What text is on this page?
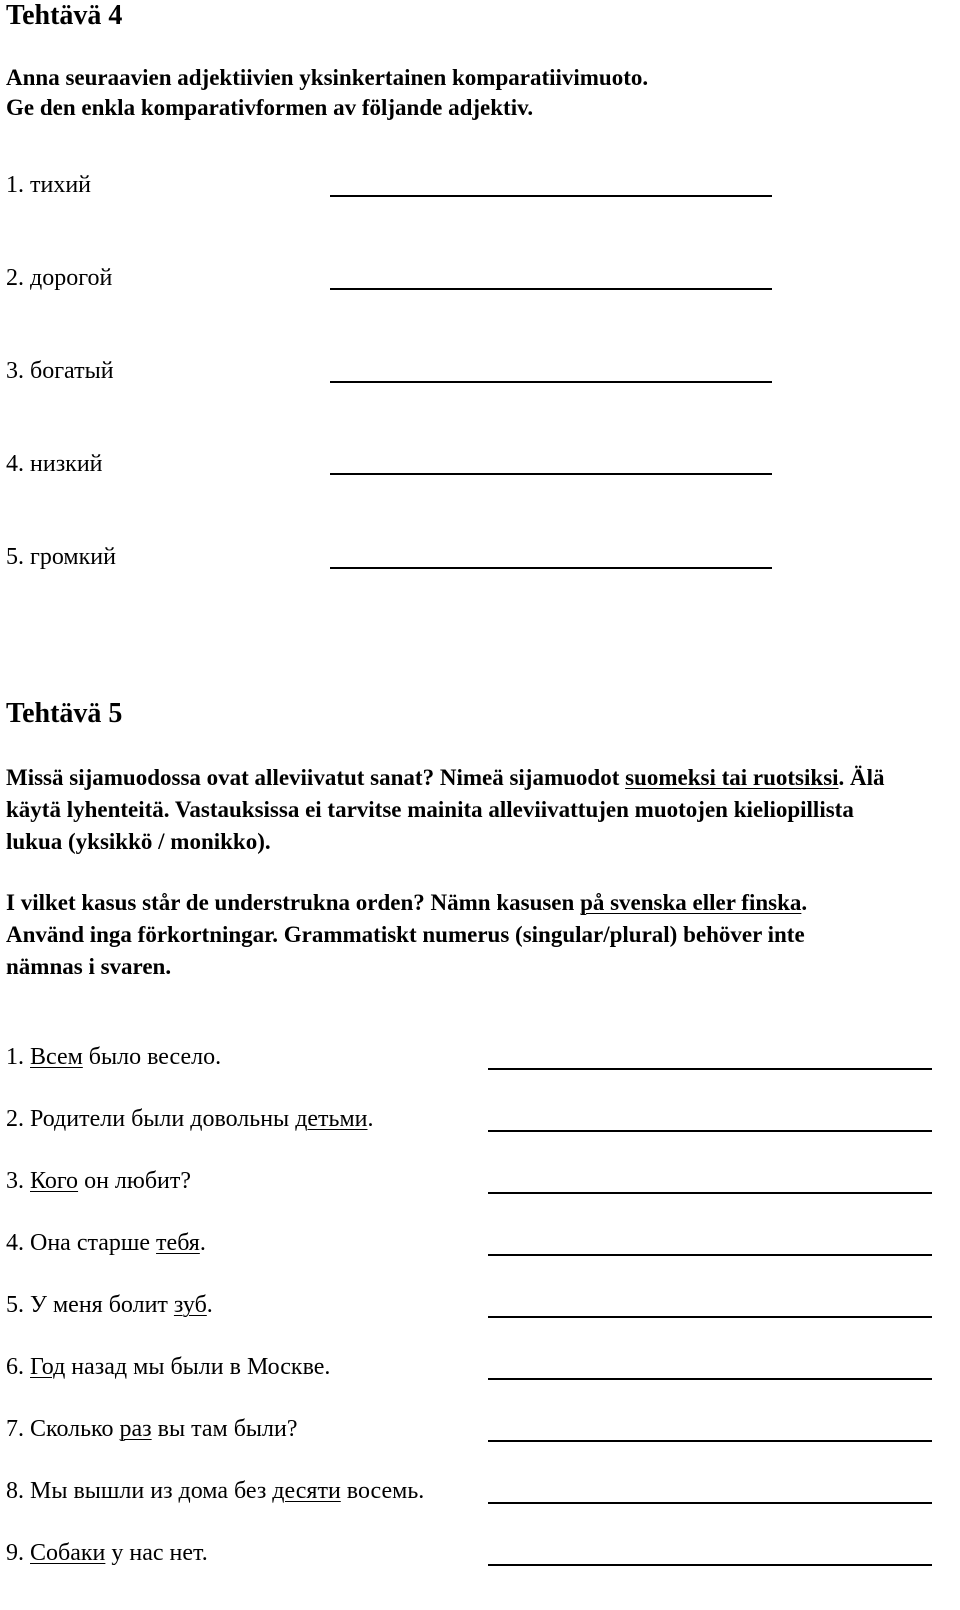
Tehtävä 4
Anna seuraavien adjektiivien yksinkertainen komparatiivimuoto.
Ge den enkla komparativformen av följande adjektiv.
1. тихий
2. дорогой
3. богатый
4. низкий
5. громкий
Tehtävä 5
Missä sijamuodossa ovat alleviivatut sanat? Nimeä sijamuodot suomeksi tai ruotsiksi. Älä käytä lyhenteitä. Vastauksissa ei tarvitse mainita alleviivattujen muotojen kieliopillista lukua (yksikkö / monikko).
I vilket kasus står de understrukna orden? Nämn kasusen på svenska eller finska. Använd inga förkortningar. Grammatiskt numerus (singular/plural) behöver inte nämnas i svaren.
1. Всем было весело.
2. Родители были довольны детьми.
3. Кого он любит?
4. Она старше тебя.
5. У меня болит зуб.
6. Год назад мы были в Москве.
7. Сколько раз вы там были?
8. Мы вышли из дома без десяти восемь.
9. Собаки у нас нет.
